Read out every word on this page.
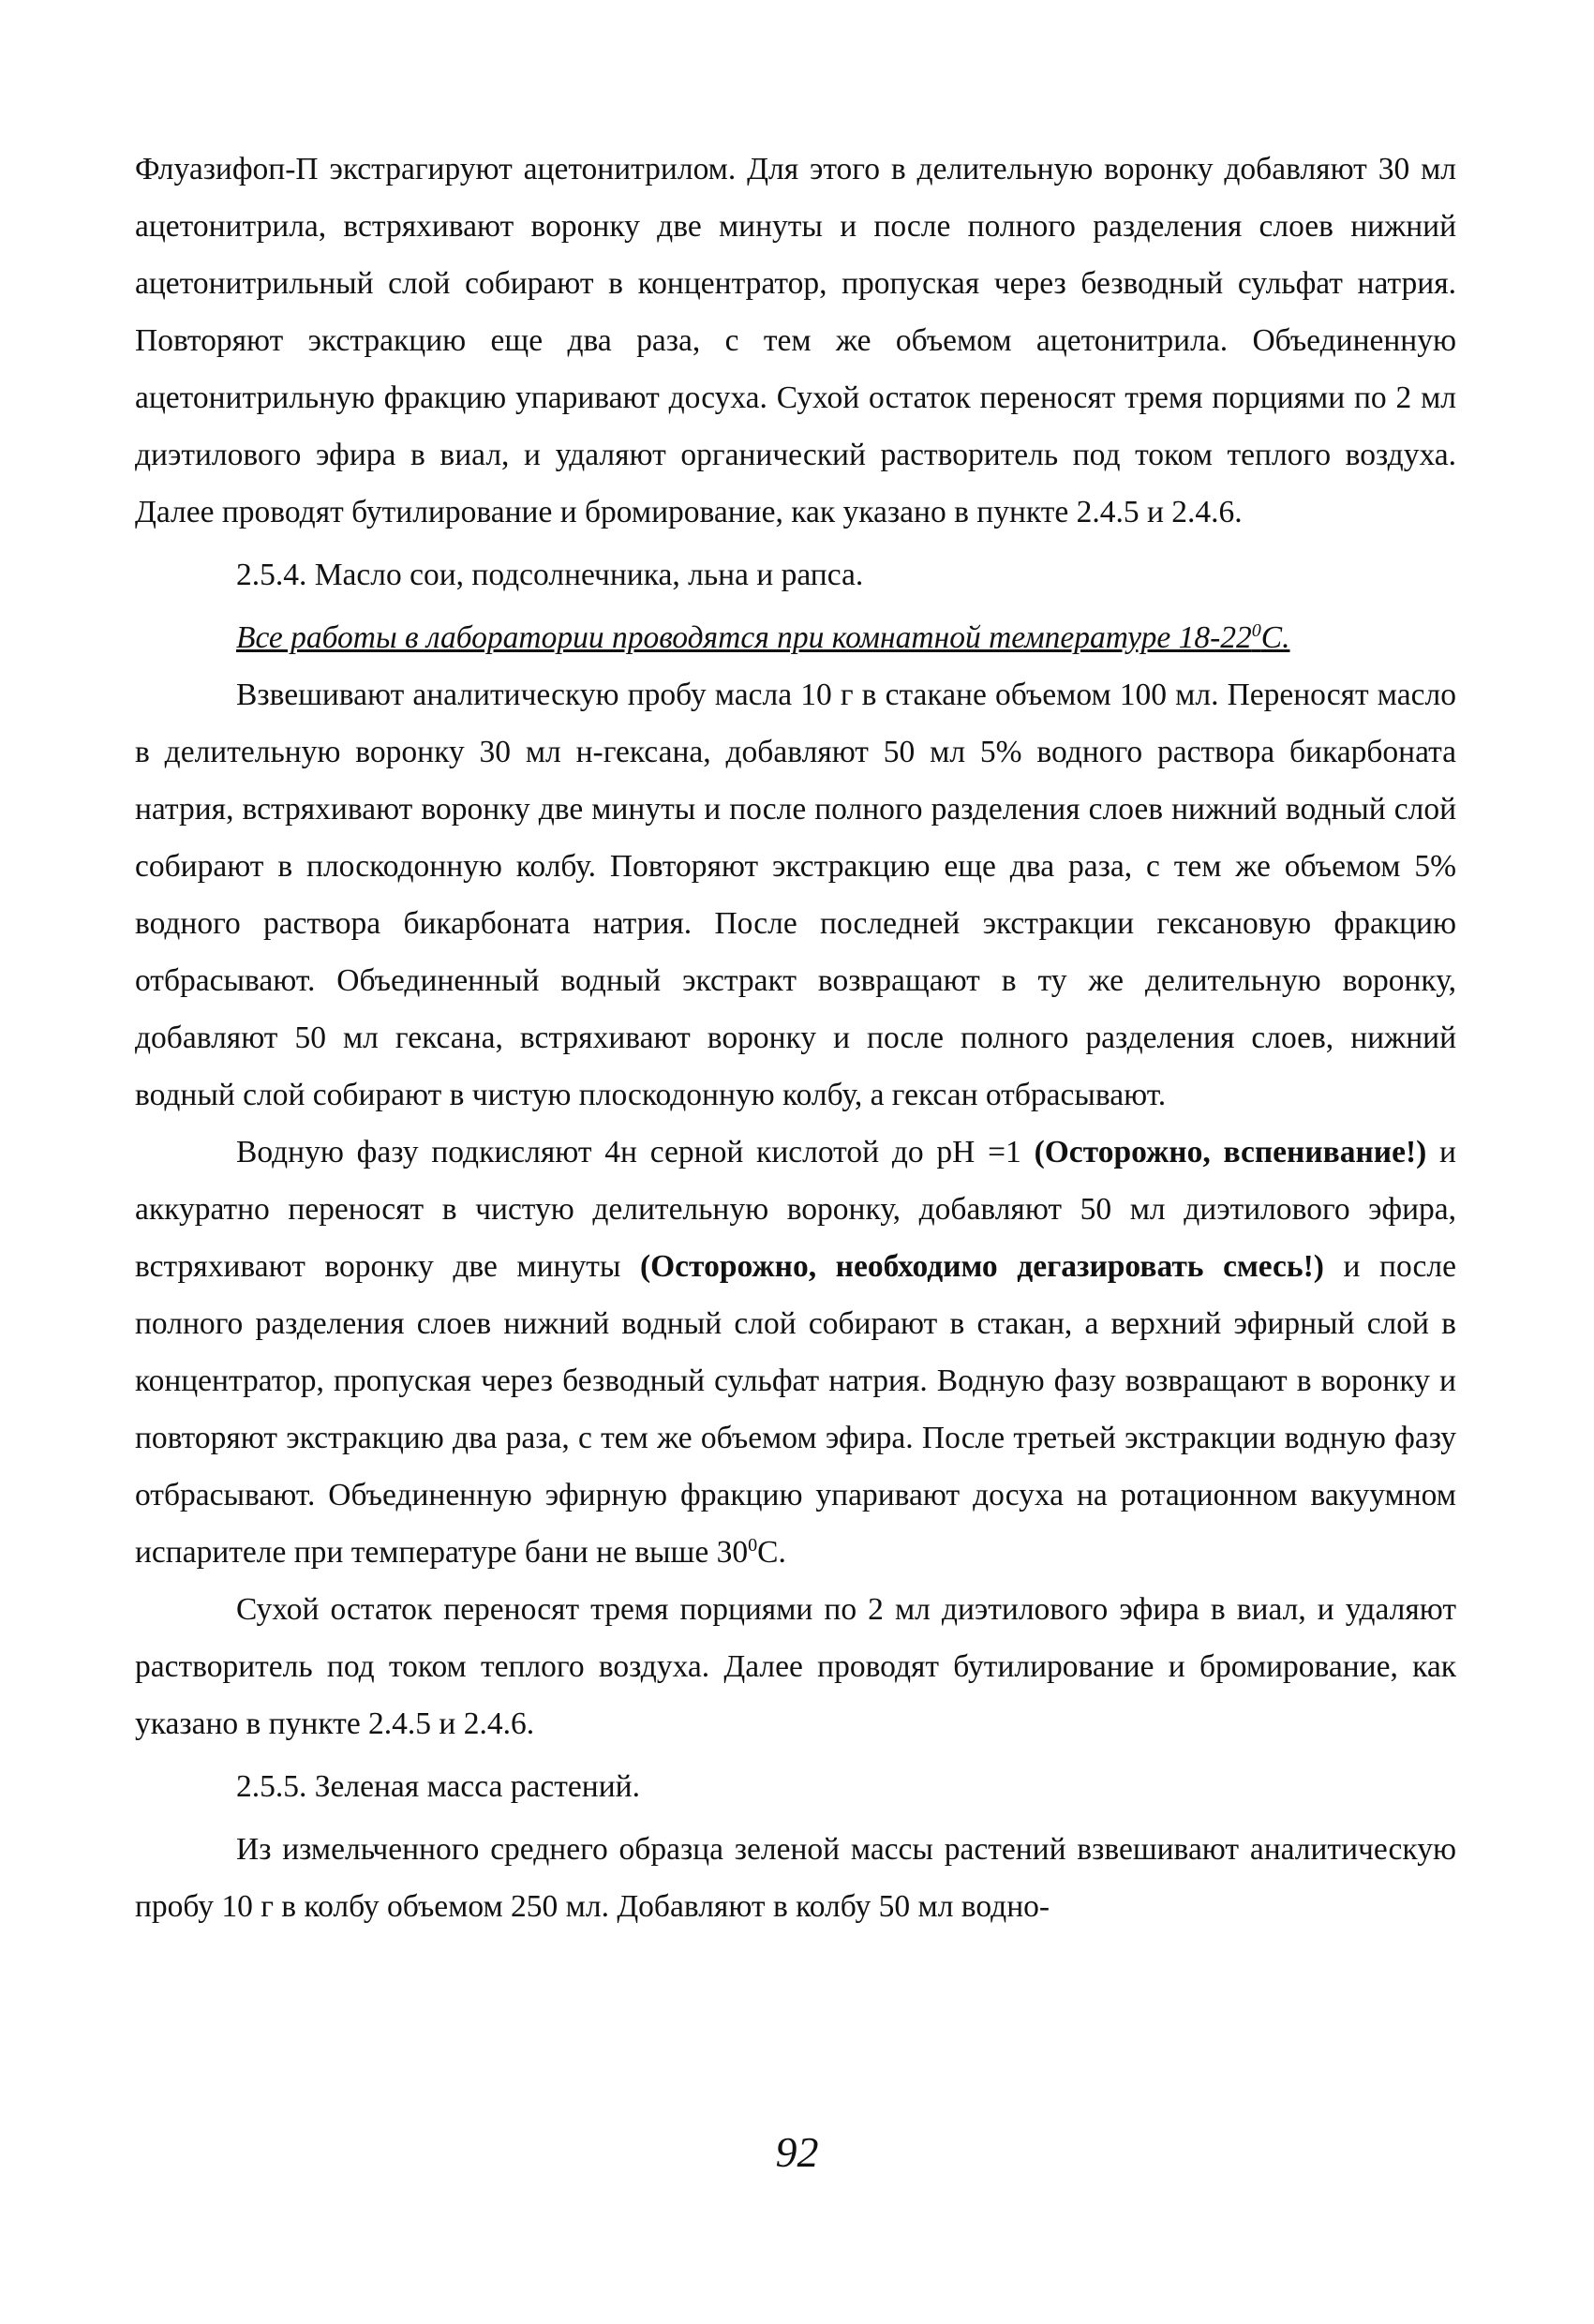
Флуазифоп-П экстрагируют ацетонитрилом. Для этого в делительную воронку добавляют 30 мл ацетонитрила, встряхивают воронку две минуты и после полного разделения слоев нижний ацетонитрильный слой собирают в концентратор, пропуская через безводный сульфат натрия. Повторяют экстракцию еще два раза, с тем же объемом ацетонитрила. Объединенную ацетонитрильную фракцию упаривают досуха. Сухой остаток переносят тремя порциями по 2 мл диэтилового эфира в виал, и удаляют органический растворитель под током теплого воздуха. Далее проводят бутилирование и бромирование, как указано в пункте 2.4.5 и 2.4.6.

2.5.4. Масло сои, подсолнечника, льна и рапса.

Все работы в лаборатории проводятся при комнатной температуре $18-22^0С$.

Взвешивают аналитическую пробу масла 10 г в стакане объемом 100 мл. Переносят масло в делительную воронку 30 мл н-гексана, добавляют 50 мл 5% водного раствора бикарбоната натрия, встряхивают воронку две минуты и после полного разделения слоев нижний водный слой собирают в плоскодонную колбу. Повторяют экстракцию еще два раза, с тем же объемом 5% водного раствора бикарбоната натрия. После последней экстракции гексановую фракцию отбрасывают. Объединенный водный экстракт возвращают в ту же делительную воронку, добавляют 50 мл гексана, встряхивают воронку и после полного разделения слоев, нижний водный слой собирают в чистую плоскодонную колбу, а гексан отбрасывают.

Водную фазу подкисляют 4н серной кислотой до pH =1 (Осторожно, вспенивание!) и аккуратно переносят в чистую делительную воронку, добавляют 50 мл диэтилового эфира, встряхивают воронку две минуты (Осторожно, необходимо дегазировать смесь!) и после полного разделения слоев нижний водный слой собирают в стакан, а верхний эфирный слой в концентратор, пропуская через безводный сульфат натрия. Водную фазу возвращают в воронку и повторяют экстракцию два раза, с тем же объемом эфира. После третьей экстракции водную фазу отбрасывают. Объединенную эфирную фракцию упаривают досуха на ротационном вакуумном испарителе при температуре бани не выше $30^0С$.

Сухой остаток переносят тремя порциями по 2 мл диэтилового эфира в виал, и удаляют растворитель под током теплого воздуха. Далее проводят бутилирование и бромирование, как указано в пункте 2.4.5 и 2.4.6.

2.5.5. Зеленая масса растений.

Из измельченного среднего образца зеленой массы растений взвешивают аналитическую пробу 10 г в колбу объемом 250 мл. Добавляют в колбу 50 мл водно-

92
